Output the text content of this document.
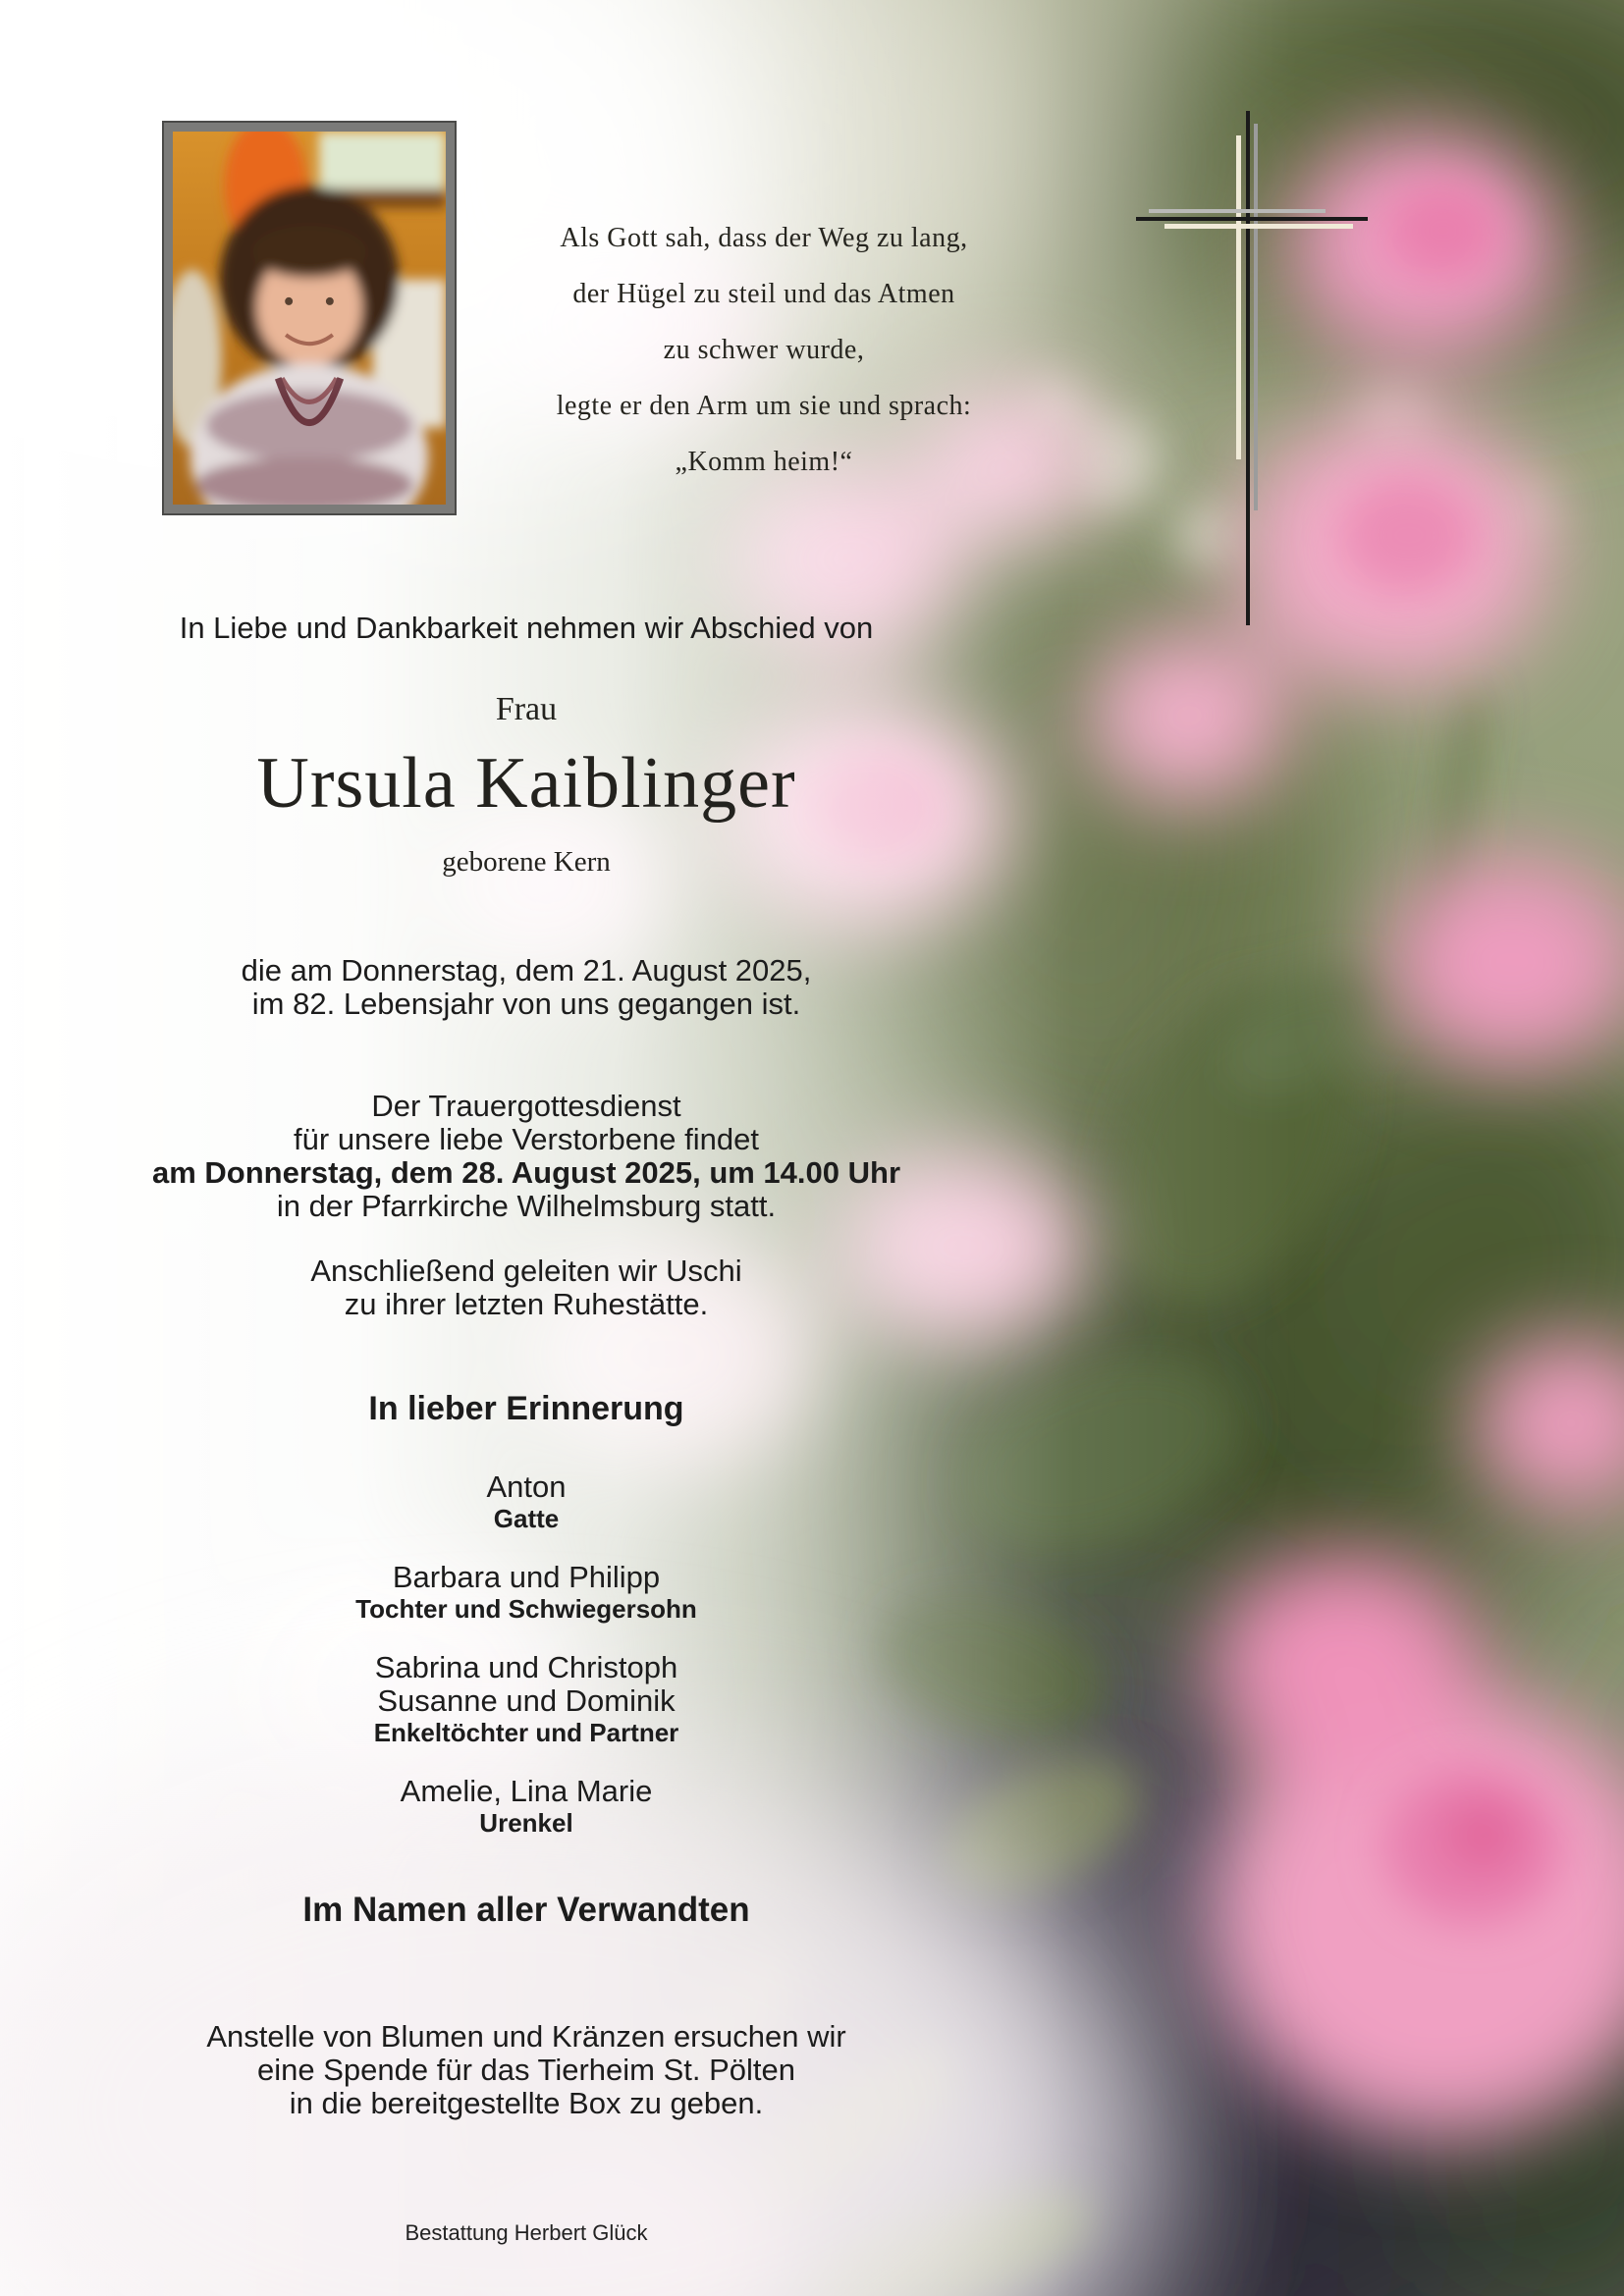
Als Gott sah, dass der Weg zu lang,
der Hügel zu steil und das Atmen
zu schwer wurde,
legte er den Arm um sie und sprach:
„Komm heim!“
In Liebe und Dankbarkeit nehmen wir Abschied von
Frau
Ursula Kaiblinger
geborene Kern
die am Donnerstag, dem 21. August 2025,
im 82. Lebensjahr von uns gegangen ist.
Der Trauergottesdienst
für unsere liebe Verstorbene findet
am Donnerstag, dem 28. August 2025, um 14.00 Uhr
in der Pfarrkirche Wilhelmsburg statt.
Anschließend geleiten wir Uschi
zu ihrer letzten Ruhestätte.
In lieber Erinnerung
Anton
Gatte
Barbara und Philipp
Tochter und Schwiegersohn
Sabrina und Christoph
Susanne und Dominik
Enkeltöchter und Partner
Amelie, Lina Marie
Urenkel
Im Namen aller Verwandten
Anstelle von Blumen und Kränzen ersuchen wir
eine Spende für das Tierheim St. Pölten
in die bereitgestellte Box zu geben.
Bestattung Herbert Glück
